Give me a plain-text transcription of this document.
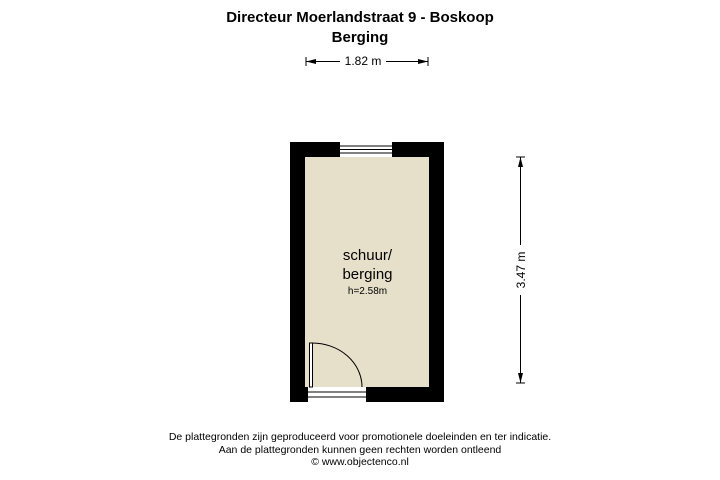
Directeur Moerlandstraat 9 - Boskoop
Berging
1.82 m
3.47 m
schuur/
berging
h=2.58m
De plattegronden zijn geproduceerd voor promotionele doeleinden en ter indicatie.
Aan de plattegronden kunnen geen rechten worden ontleend
© www.objectenco.nl
